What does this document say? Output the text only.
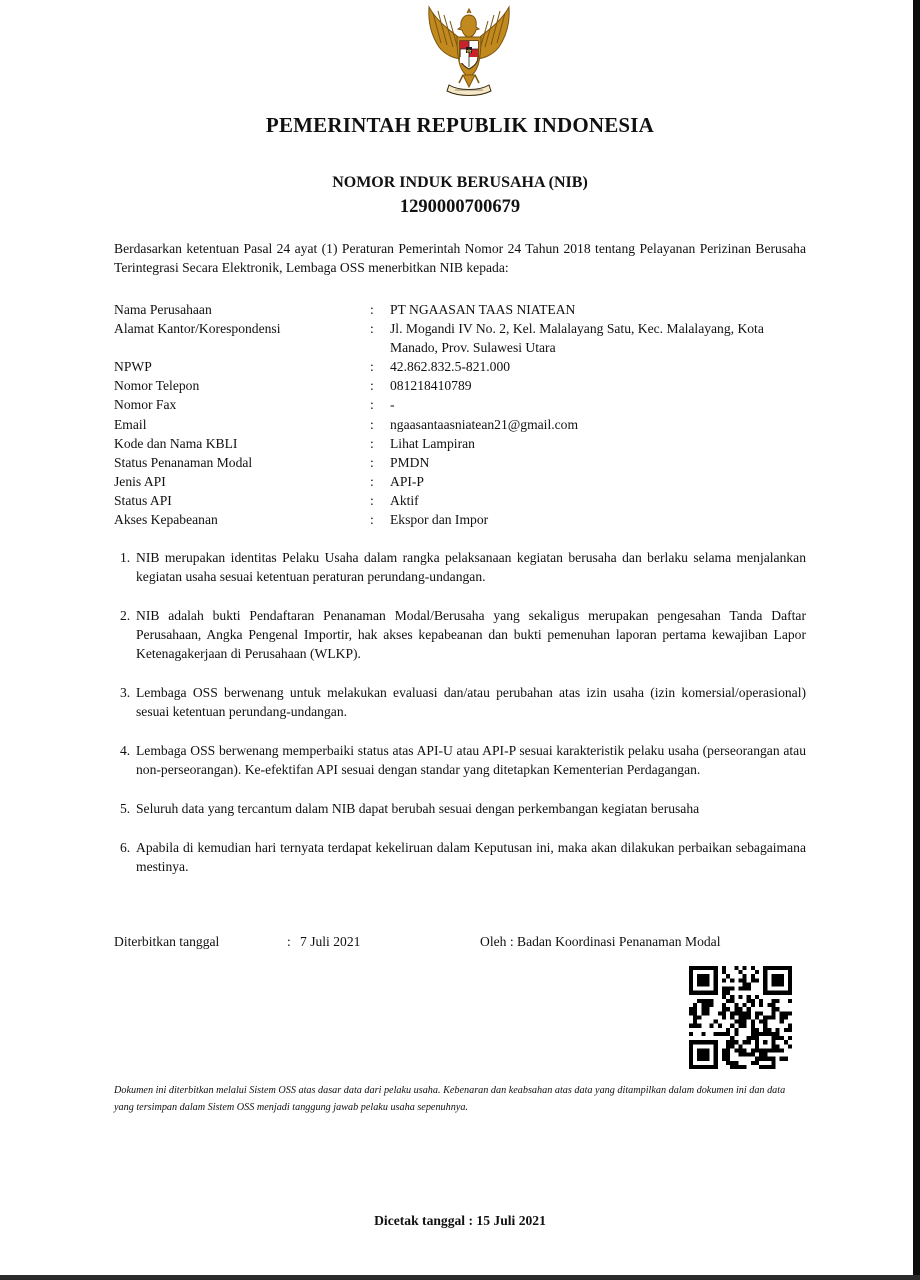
PEMERINTAH REPUBLIK INDONESIA
NOMOR INDUK BERUSAHA (NIB)
1290000700679
Berdasarkan ketentuan Pasal 24 ayat (1) Peraturan Pemerintah Nomor 24 Tahun 2018 tentang Pelayanan Perizinan Berusaha Terintegrasi Secara Elektronik, Lembaga OSS menerbitkan NIB kepada:
Nama Perusahaan	:	PT NGAASAN TAAS NIATEAN
Alamat Kantor/Korespondensi	:	Jl. Mogandi IV No. 2, Kel. Malalayang Satu, Kec. Malalayang, Kota Manado, Prov. Sulawesi Utara
NPWP	:	42.862.832.5-821.000
Nomor Telepon	:	081218410789
Nomor Fax	:	-
Email	:	ngaasantaasniatean21@gmail.com
Kode dan Nama KBLI	:	Lihat Lampiran
Status Penanaman Modal	:	PMDN
Jenis API	:	API-P
Status API	:	Aktif
Akses Kepabeanan	:	Ekspor dan Impor
1. NIB merupakan identitas Pelaku Usaha dalam rangka pelaksanaan kegiatan berusaha dan berlaku selama menjalankan kegiatan usaha sesuai ketentuan peraturan perundang-undangan.
2. NIB adalah bukti Pendaftaran Penanaman Modal/Berusaha yang sekaligus merupakan pengesahan Tanda Daftar Perusahaan, Angka Pengenal Importir, hak akses kepabeanan dan bukti pemenuhan laporan pertama kewajiban Lapor Ketenagakerjaan di Perusahaan (WLKP).
3. Lembaga OSS berwenang untuk melakukan evaluasi dan/atau perubahan atas izin usaha (izin komersial/operasional) sesuai ketentuan perundang-undangan.
4. Lembaga OSS berwenang memperbaiki status atas API-U atau API-P sesuai karakteristik pelaku usaha (perseorangan atau non-perseorangan). Ke-efektifan API sesuai dengan standar yang ditetapkan Kementerian Perdagangan.
5. Seluruh data yang tercantum dalam NIB dapat berubah sesuai dengan perkembangan kegiatan berusaha
6. Apabila di kemudian hari ternyata terdapat kekeliruan dalam Keputusan ini, maka akan dilakukan perbaikan sebagaimana mestinya.
Diterbitkan tanggal	: 7 Juli 2021	Oleh : Badan Koordinasi Penanaman Modal
Dokumen ini diterbitkan melalui Sistem OSS atas dasar data dari pelaku usaha. Kebenaran dan keabsahan atas data yang ditampilkan dalam dokumen ini dan data yang tersimpan dalam Sistem OSS menjadi tanggung jawab pelaku usaha sepenuhnya.
Dicetak tanggal : 15 Juli 2021
